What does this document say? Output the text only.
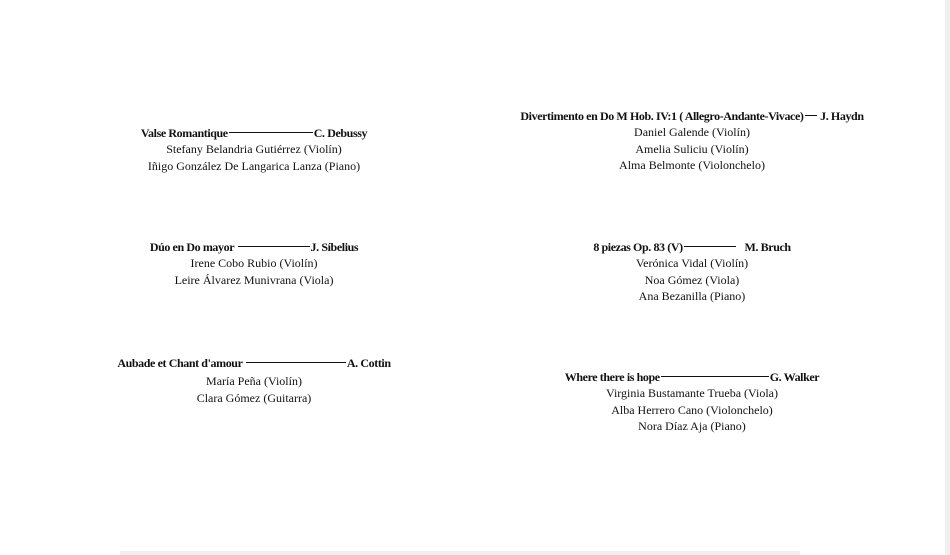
Valse Romantique	C. Debussy
Stefany Belandria Gutiérrez (Violín)
Iñigo González De Langarica Lanza (Piano)
Divertimento en Do M Hob. IV:1 ( Allegro-Andante-Vivace) J. Haydn
Daniel Galende (Violín)
Amelia Suliciu (Violín)
Alma Belmonte (Violonchelo)
Dúo en Do mayor	J. Síbelius
Irene Cobo Rubio (Violín)
Leire Álvarez Munivrana (Viola)
8 piezas Op. 83 (V)	M. Bruch
Verónica Vidal (Violín)
Noa Gómez (Viola)
Ana Bezanilla (Piano)
Aubade et Chant d'amour	A. Cottin
María Peña (Violín)
Clara Gómez (Guitarra)
Where there is hope	G. Walker
Virginia Bustamante Trueba (Viola)
Alba Herrero Cano (Violonchelo)
Nora Díaz Aja (Piano)
